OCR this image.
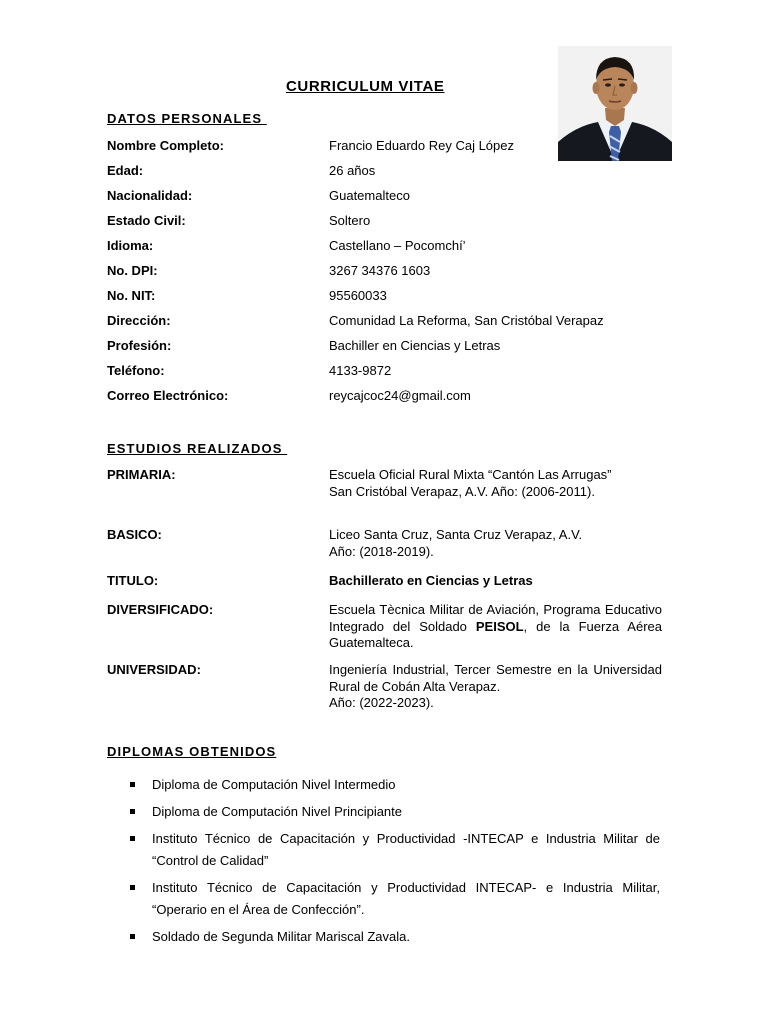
CURRICULUM VITAE
DATOS PERSONALES
Nombre Completo:	Francio Eduardo Rey Caj López
Edad:	26 años
Nacionalidad:	Guatemalteco
Estado Civil:	Soltero
Idioma:	Castellano – Pocomchí’
No. DPI:	3267 34376 1603
No. NIT:	95560033
Dirección:	Comunidad La Reforma, San Cristóbal Verapaz
Profesión:	Bachiller en Ciencias y Letras
Teléfono:	4133-9872
Correo Electrónico:	reycajcoc24@gmail.com
ESTUDIOS REALIZADOS
PRIMARIA:	Escuela Oficial Rural Mixta “Cantón Las Arrugas”
San Cristóbal Verapaz, A.V. Año: (2006-2011).
BASICO:	Liceo Santa Cruz, Santa Cruz Verapaz, A.V.
Año: (2018-2019).
TITULO:	Bachillerato en Ciencias y Letras
DIVERSIFICADO:	Escuela Tècnica Militar de Aviación, Programa Educativo Integrado del Soldado PEISOL, de la Fuerza Aérea Guatemalteca.
UNIVERSIDAD:	Ingeniería Industrial, Tercer Semestre en la Universidad Rural de Cobán Alta Verapaz.
Año: (2022-2023).
DIPLOMAS OBTENIDOS
Diploma de Computación Nivel Intermedio
Diploma de Computación Nivel Principiante
Instituto Técnico de Capacitación y Productividad -INTECAP e Industria Militar de “Control de Calidad”
Instituto Técnico de Capacitación y Productividad INTECAP- e Industria Militar, “Operario en el Área de Confección”.
Soldado de Segunda Militar Mariscal Zavala.
